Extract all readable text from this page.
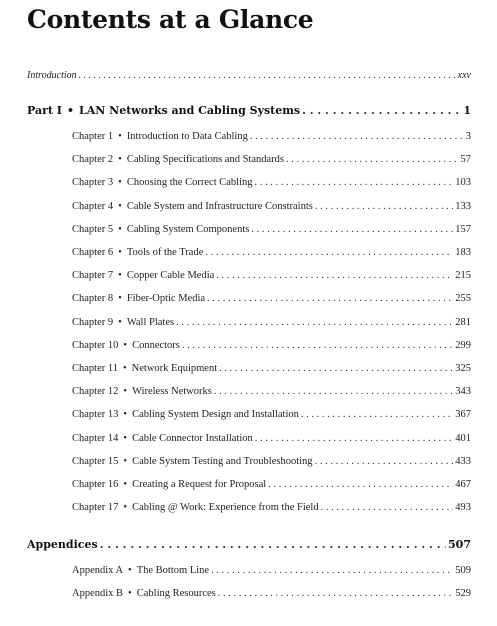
Contents at a Glance
Introduction . . .	xxv
Part I • LAN Networks and Cabling Systems . . .	1
Chapter 1 • Introduction to Data Cabling . . .	3
Chapter 2 • Cabling Specifications and Standards . . .	57
Chapter 3 • Choosing the Correct Cabling . . .	103
Chapter 4 • Cable System and Infrastructure Constraints . . .	133
Chapter 5 • Cabling System Components . . .	157
Chapter 6 • Tools of the Trade . . .	183
Chapter 7 • Copper Cable Media . . .	215
Chapter 8 • Fiber-Optic Media . . .	255
Chapter 9 • Wall Plates . . .	281
Chapter 10 • Connectors . . .	299
Chapter 11 • Network Equipment . . .	325
Chapter 12 • Wireless Networks . . .	343
Chapter 13 • Cabling System Design and Installation . . .	367
Chapter 14 • Cable Connector Installation . . .	401
Chapter 15 • Cable System Testing and Troubleshooting . . .	433
Chapter 16 • Creating a Request for Proposal . . .	467
Chapter 17 • Cabling @ Work: Experience from the Field . . .	493
Appendices . . .	507
Appendix A • The Bottom Line . . .	509
Appendix B • Cabling Resources . . .	529
